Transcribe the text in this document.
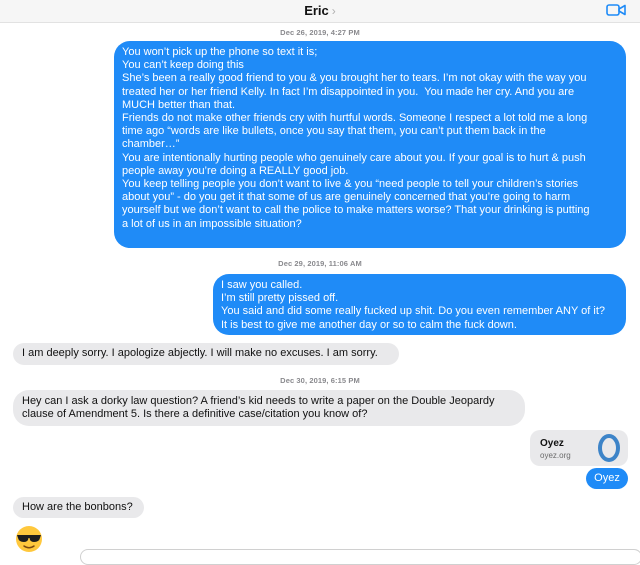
Eric ›
Dec 26, 2019, 4:27 PM
You won’t pick up the phone so text it is;
You can’t keep doing this
She’s been a really good friend to you & you brought her to tears. I’m not okay with the way you
treated her or her friend Kelly. In fact I’m disappointed in you.  You made her cry. And you are
MUCH better than that.
Friends do not make other friends cry with hurtful words. Someone I respect a lot told me a long
time ago “words are like bullets, once you say that them, you can’t put them back in the
chamber…”
You are intentionally hurting people who genuinely care about you. If your goal is to hurt & push
people away you’re doing a REALLY good job.
You keep telling people you don’t want to live & you “need people to tell your children’s stories
about you” - do you get it that some of us are genuinely concerned that you’re going to harm
yourself but we don’t want to call the police to make matters worse? That your drinking is putting
a lot of us in an impossible situation?
Dec 29, 2019, 11:06 AM
I saw you called.
I’m still pretty pissed off.
You said and did some really fucked up shit. Do you even remember ANY of it?
It is best to give me another day or so to calm the fuck down.
I am deeply sorry. I apologize abjectly. I will make no excuses. I am sorry.
Dec 30, 2019, 6:15 PM
Hey can I ask a dorky law question? A friend’s kid needs to write a paper on the Double Jeopardy
clause of Amendment 5. Is there a definitive case/citation you know of?
Oyez
oyez.org
Oyez
How are the bonbons?
